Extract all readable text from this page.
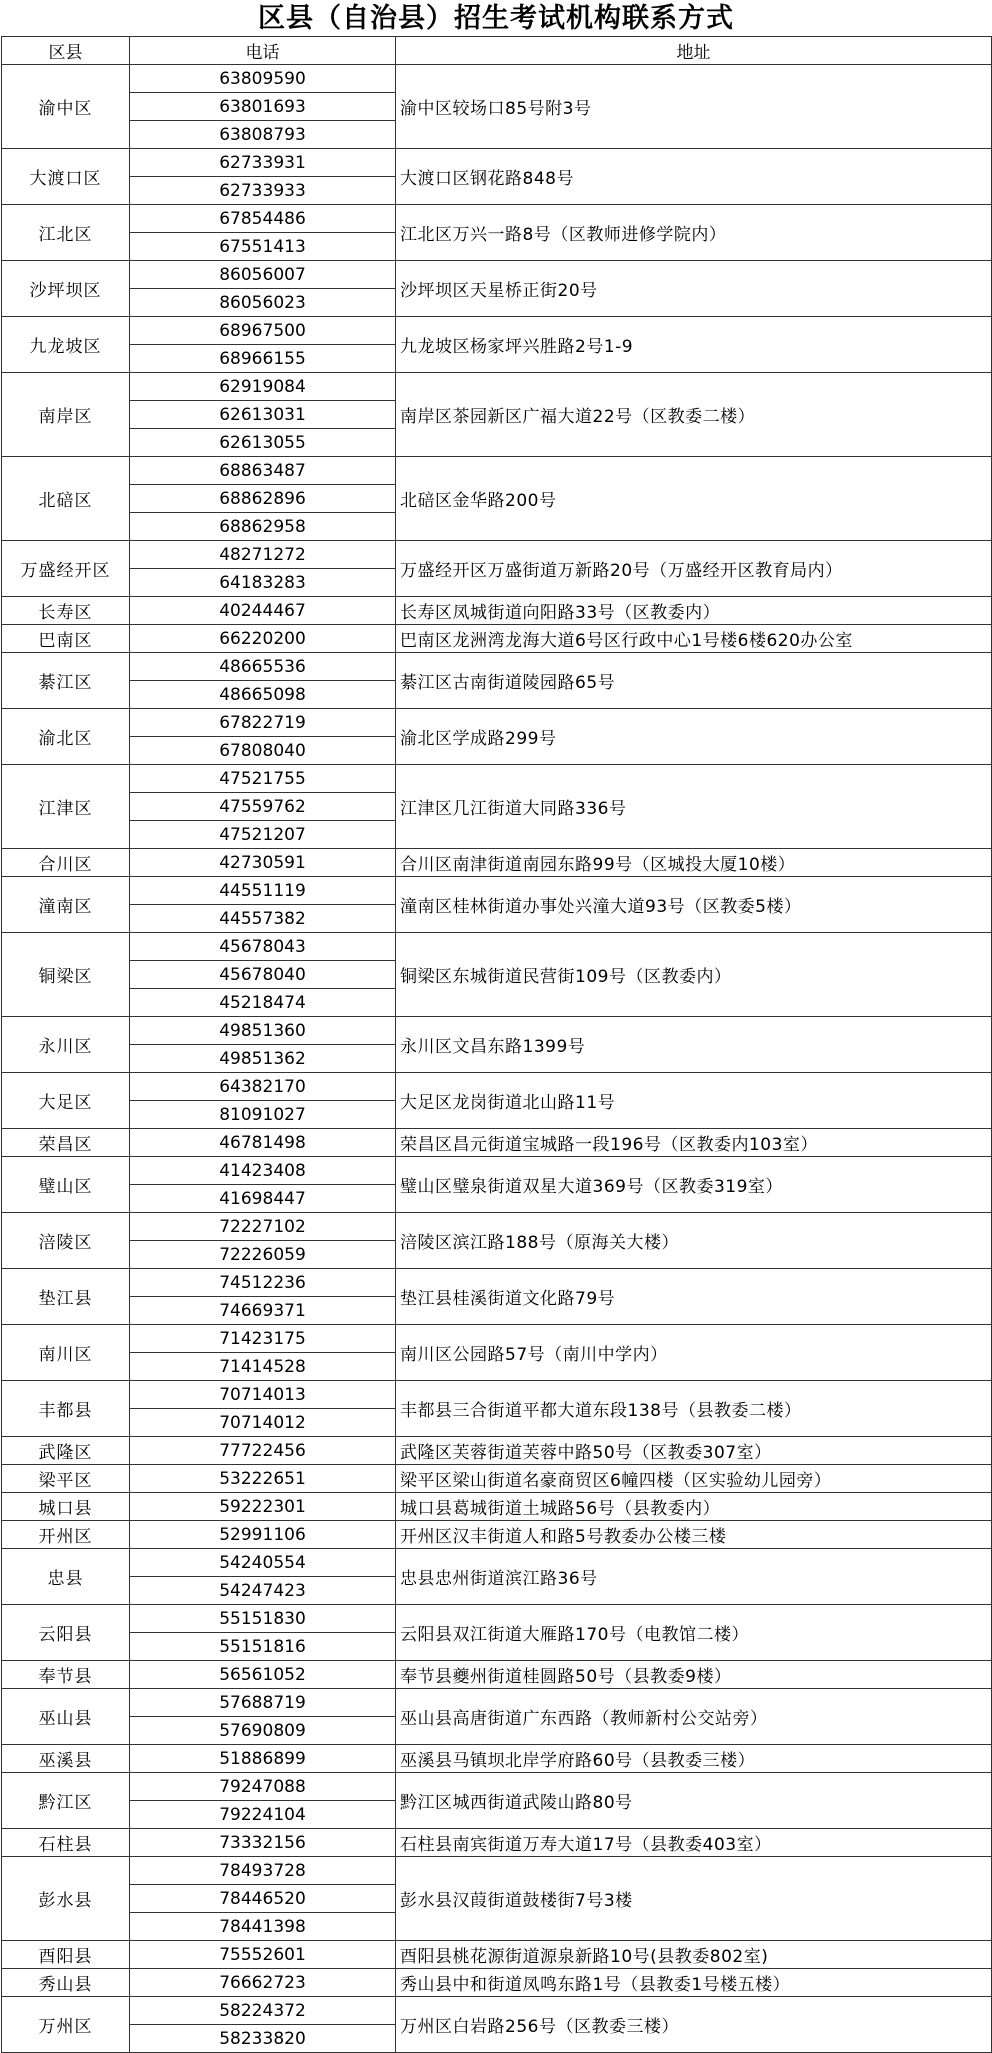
区县（自治县）招生考试机构联系方式
区县	电话	地址
渝中区	63809590	渝中区较场口85号附3号
	63801693	
	63808793	
大渡口区	62733931	大渡口区钢花路848号
	62733933	
江北区	67854486	江北区万兴一路8号（区教师进修学院内）
	67551413	
沙坪坝区	86056007	沙坪坝区天星桥正街20号
	86056023	
九龙坡区	68967500	九龙坡区杨家坪兴胜路2号1-9
	68966155	
南岸区	62919084	南岸区茶园新区广福大道22号（区教委二楼）
	62613031	
	62613055	
北碚区	68863487	北碚区金华路200号
	68862896	
	68862958	
万盛经开区	48271272	万盛经开区万盛街道万新路20号（万盛经开区教育局内）
	64183283	
长寿区	40244467	长寿区凤城街道向阳路33号（区教委内）
巴南区	66220200	巴南区龙洲湾龙海大道6号区行政中心1号楼6楼620办公室
綦江区	48665536	綦江区古南街道陵园路65号
	48665098	
渝北区	67822719	渝北区学成路299号
	67808040	
江津区	47521755	江津区几江街道大同路336号
	47559762	
	47521207	
合川区	42730591	合川区南津街道南园东路99号（区城投大厦10楼）
潼南区	44551119	潼南区桂林街道办事处兴潼大道93号（区教委5楼）
	44557382	
铜梁区	45678043	铜梁区东城街道民营街109号（区教委内）
	45678040	
	45218474	
永川区	49851360	永川区文昌东路1399号
	49851362	
大足区	64382170	大足区龙岗街道北山路11号
	81091027	
荣昌区	46781498	荣昌区昌元街道宝城路一段196号（区教委内103室）
璧山区	41423408	璧山区璧泉街道双星大道369号（区教委319室）
	41698447	
涪陵区	72227102	涪陵区滨江路188号（原海关大楼）
	72226059	
垫江县	74512236	垫江县桂溪街道文化路79号
	74669371	
南川区	71423175	南川区公园路57号（南川中学内）
	71414528	
丰都县	70714013	丰都县三合街道平都大道东段138号（县教委二楼）
	70714012	
武隆区	77722456	武隆区芙蓉街道芙蓉中路50号（区教委307室）
梁平区	53222651	梁平区梁山街道名豪商贸区6幢四楼（区实验幼儿园旁）
城口县	59222301	城口县葛城街道土城路56号（县教委内）
开州区	52991106	开州区汉丰街道人和路5号教委办公楼三楼
忠县	54240554	忠县忠州街道滨江路36号
	54247423	
云阳县	55151830	云阳县双江街道大雁路170号（电教馆二楼）
	55151816	
奉节县	56561052	奉节县夔州街道桂圆路50号（县教委9楼）
巫山县	57688719	巫山县高唐街道广东西路（教师新村公交站旁）
	57690809	
巫溪县	51886899	巫溪县马镇坝北岸学府路60号（县教委三楼）
黔江区	79247088	黔江区城西街道武陵山路80号
	79224104	
石柱县	73332156	石柱县南宾街道万寿大道17号（县教委403室）
彭水县	78493728	彭水县汉葭街道鼓楼街7号3楼
	78446520	
	78441398	
酉阳县	75552601	酉阳县桃花源街道源泉新路10号(县教委802室)
秀山县	76662723	秀山县中和街道凤鸣东路1号（县教委1号楼五楼）
万州区	58224372	万州区白岩路256号（区教委三楼）
	58233820	
